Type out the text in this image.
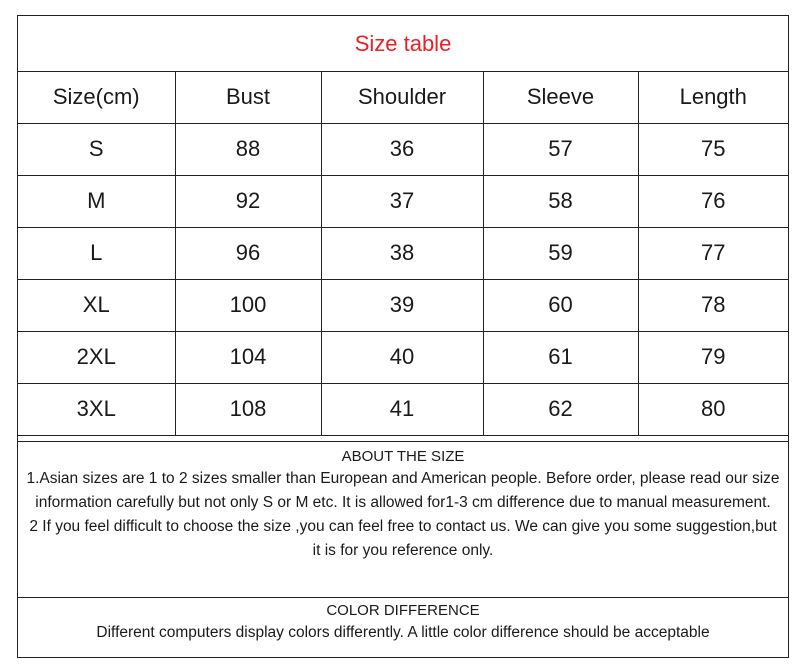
Size table
Size(cm)	Bust	Shoulder	Sleeve	Length
S	88	36	57	75
M	92	37	58	76
L	96	38	59	77
XL	100	39	60	78
2XL	104	40	61	79
3XL	108	41	62	80
ABOUT THE SIZE

1.Asian sizes are 1 to 2 sizes smaller than European and American people. Before order, please read our size information carefully but not only S or M etc. It is allowed for1-3 cm difference due to manual measurement.

2 If you feel difficult to choose the size ,you can feel free to contact us. We can give you some suggestion,but it is for you reference only.

COLOR DIFFERENCE
Different computers display colors differently. A little color difference should be acceptable
